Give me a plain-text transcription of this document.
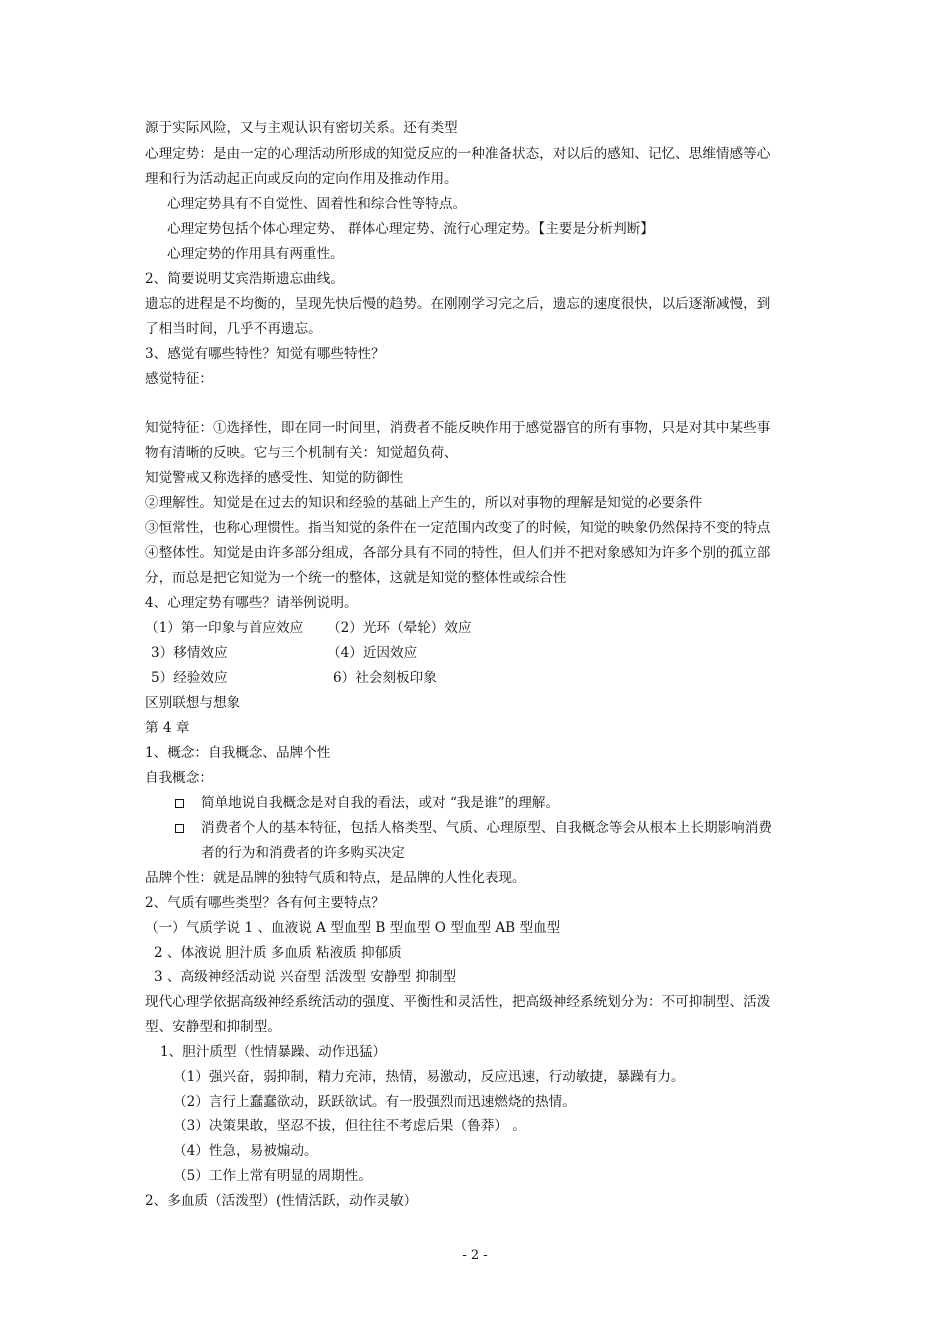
源于实际风险，又与主观认识有密切关系。还有类型
心理定势：是由一定的心理活动所形成的知觉反应的一种准备状态，对以后的感知、记忆、思维情感等心
理和行为活动起正向或反向的定向作用及推动作用。
心理定势具有不自觉性、固着性和综合性等特点。
心理定势包括个体心理定势、 群体心理定势、流行心理定势。【主要是分析判断】
心理定势的作用具有两重性。
2、简要说明艾宾浩斯遗忘曲线。
遗忘的进程是不均衡的，呈现先快后慢的趋势。在刚刚学习完之后，遗忘的速度很快，以后逐渐减慢，到
了相当时间，几乎不再遗忘。
3、感觉有哪些特性？知觉有哪些特性？
感觉特征：
知觉特征：①选择性，即在同一时间里，消费者不能反映作用于感觉器官的所有事物，只是对其中某些事
物有清晰的反映。它与三个机制有关：知觉超负荷、
知觉警戒又称选择的感受性、知觉的防御性
②理解性。知觉是在过去的知识和经验的基础上产生的，所以对事物的理解是知觉的必要条件
③恒常性，也称心理惯性。指当知觉的条件在一定范围内改变了的时候，知觉的映象仍然保持不变的特点
④整体性。知觉是由许多部分组成，各部分具有不同的特性，但人们并不把对象感知为许多个别的孤立部
分，而总是把它知觉为一个统一的整体，这就是知觉的整体性或综合性
4、心理定势有哪些？请举例说明。
（1）第一印象与首应效应 （2）光环（晕轮）效应
3）移情效应	（4）近因效应
5）经验效应	6）社会刻板印象
区别联想与想象
第 4 章
1、概念：自我概念、品牌个性
自我概念：
简单地说自我概念是对自我的看法，或对 “我是谁”的理解。
消费者个人的基本特征，包括人格类型、气质、心理原型、自我概念等会从根本上长期影响消费
者的行为和消费者的许多购买决定
品牌个性：就是品牌的独特气质和特点，是品牌的人性化表现。
2、气质有哪些类型？各有何主要特点？
（一）气质学说 1 、血液说 A 型血型 B 型血型 O 型血型 AB 型血型
2 、体液说 胆汁质 多血质 粘液质 抑郁质
3 、高级神经活动说 兴奋型 活泼型 安静型 抑制型
现代心理学依据高级神经系统活动的强度、平衡性和灵活性，把高级神经系统划分为：不可抑制型、活泼
型、安静型和抑制型。
1、胆汁质型（性情暴躁、动作迅猛）
（1）强兴奋，弱抑制，精力充沛，热情，易激动，反应迅速，行动敏捷，暴躁有力。
（2）言行上蠢蠢欲动，跃跃欲试。有一股强烈而迅速燃烧的热情。
（3）决策果敢，坚忍不拔，但往往不考虑后果（鲁莽） 。
（4）性急，易被煽动。
（5）工作上常有明显的周期性。
2、多血质（活泼型）(性情活跃，动作灵敏）
- 2 -
